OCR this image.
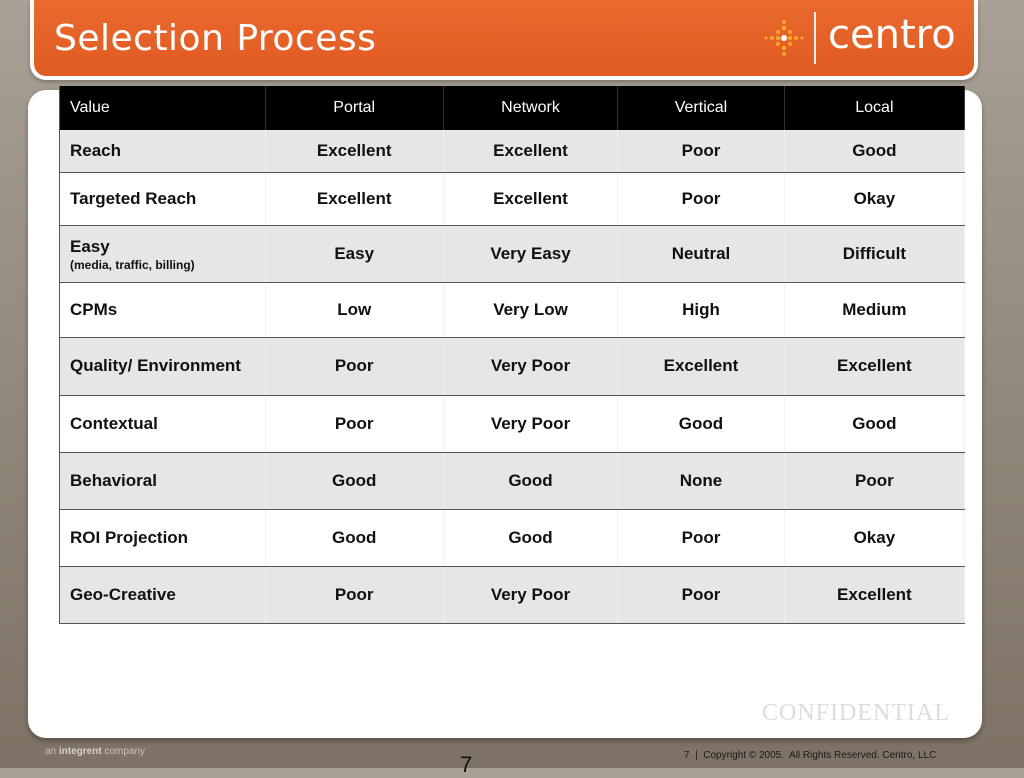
Selection Process	centro
Value	Portal	Network	Vertical	Local
Reach	Excellent	Excellent	Poor	Good
Targeted Reach	Excellent	Excellent	Poor	Okay

Easy
(media, traffic, billing)	Easy	Very Easy	Neutral	Difficult
CPMs	Low	Very Low	High	Medium
Quality/ Environment	Poor	Very Poor	Excellent	Excellent
Contextual	Poor	Very Poor	Good	Good
Behavioral	Good	Good	None	Poor
ROI Projection	Good	Good	Poor	Okay
Geo-Creative	Poor	Very Poor	Poor	Excellent
CONFIDENTIAL
an integrent company
7	7  |  Copyright © 2005.  All Rights Reserved. Centro, LLC
